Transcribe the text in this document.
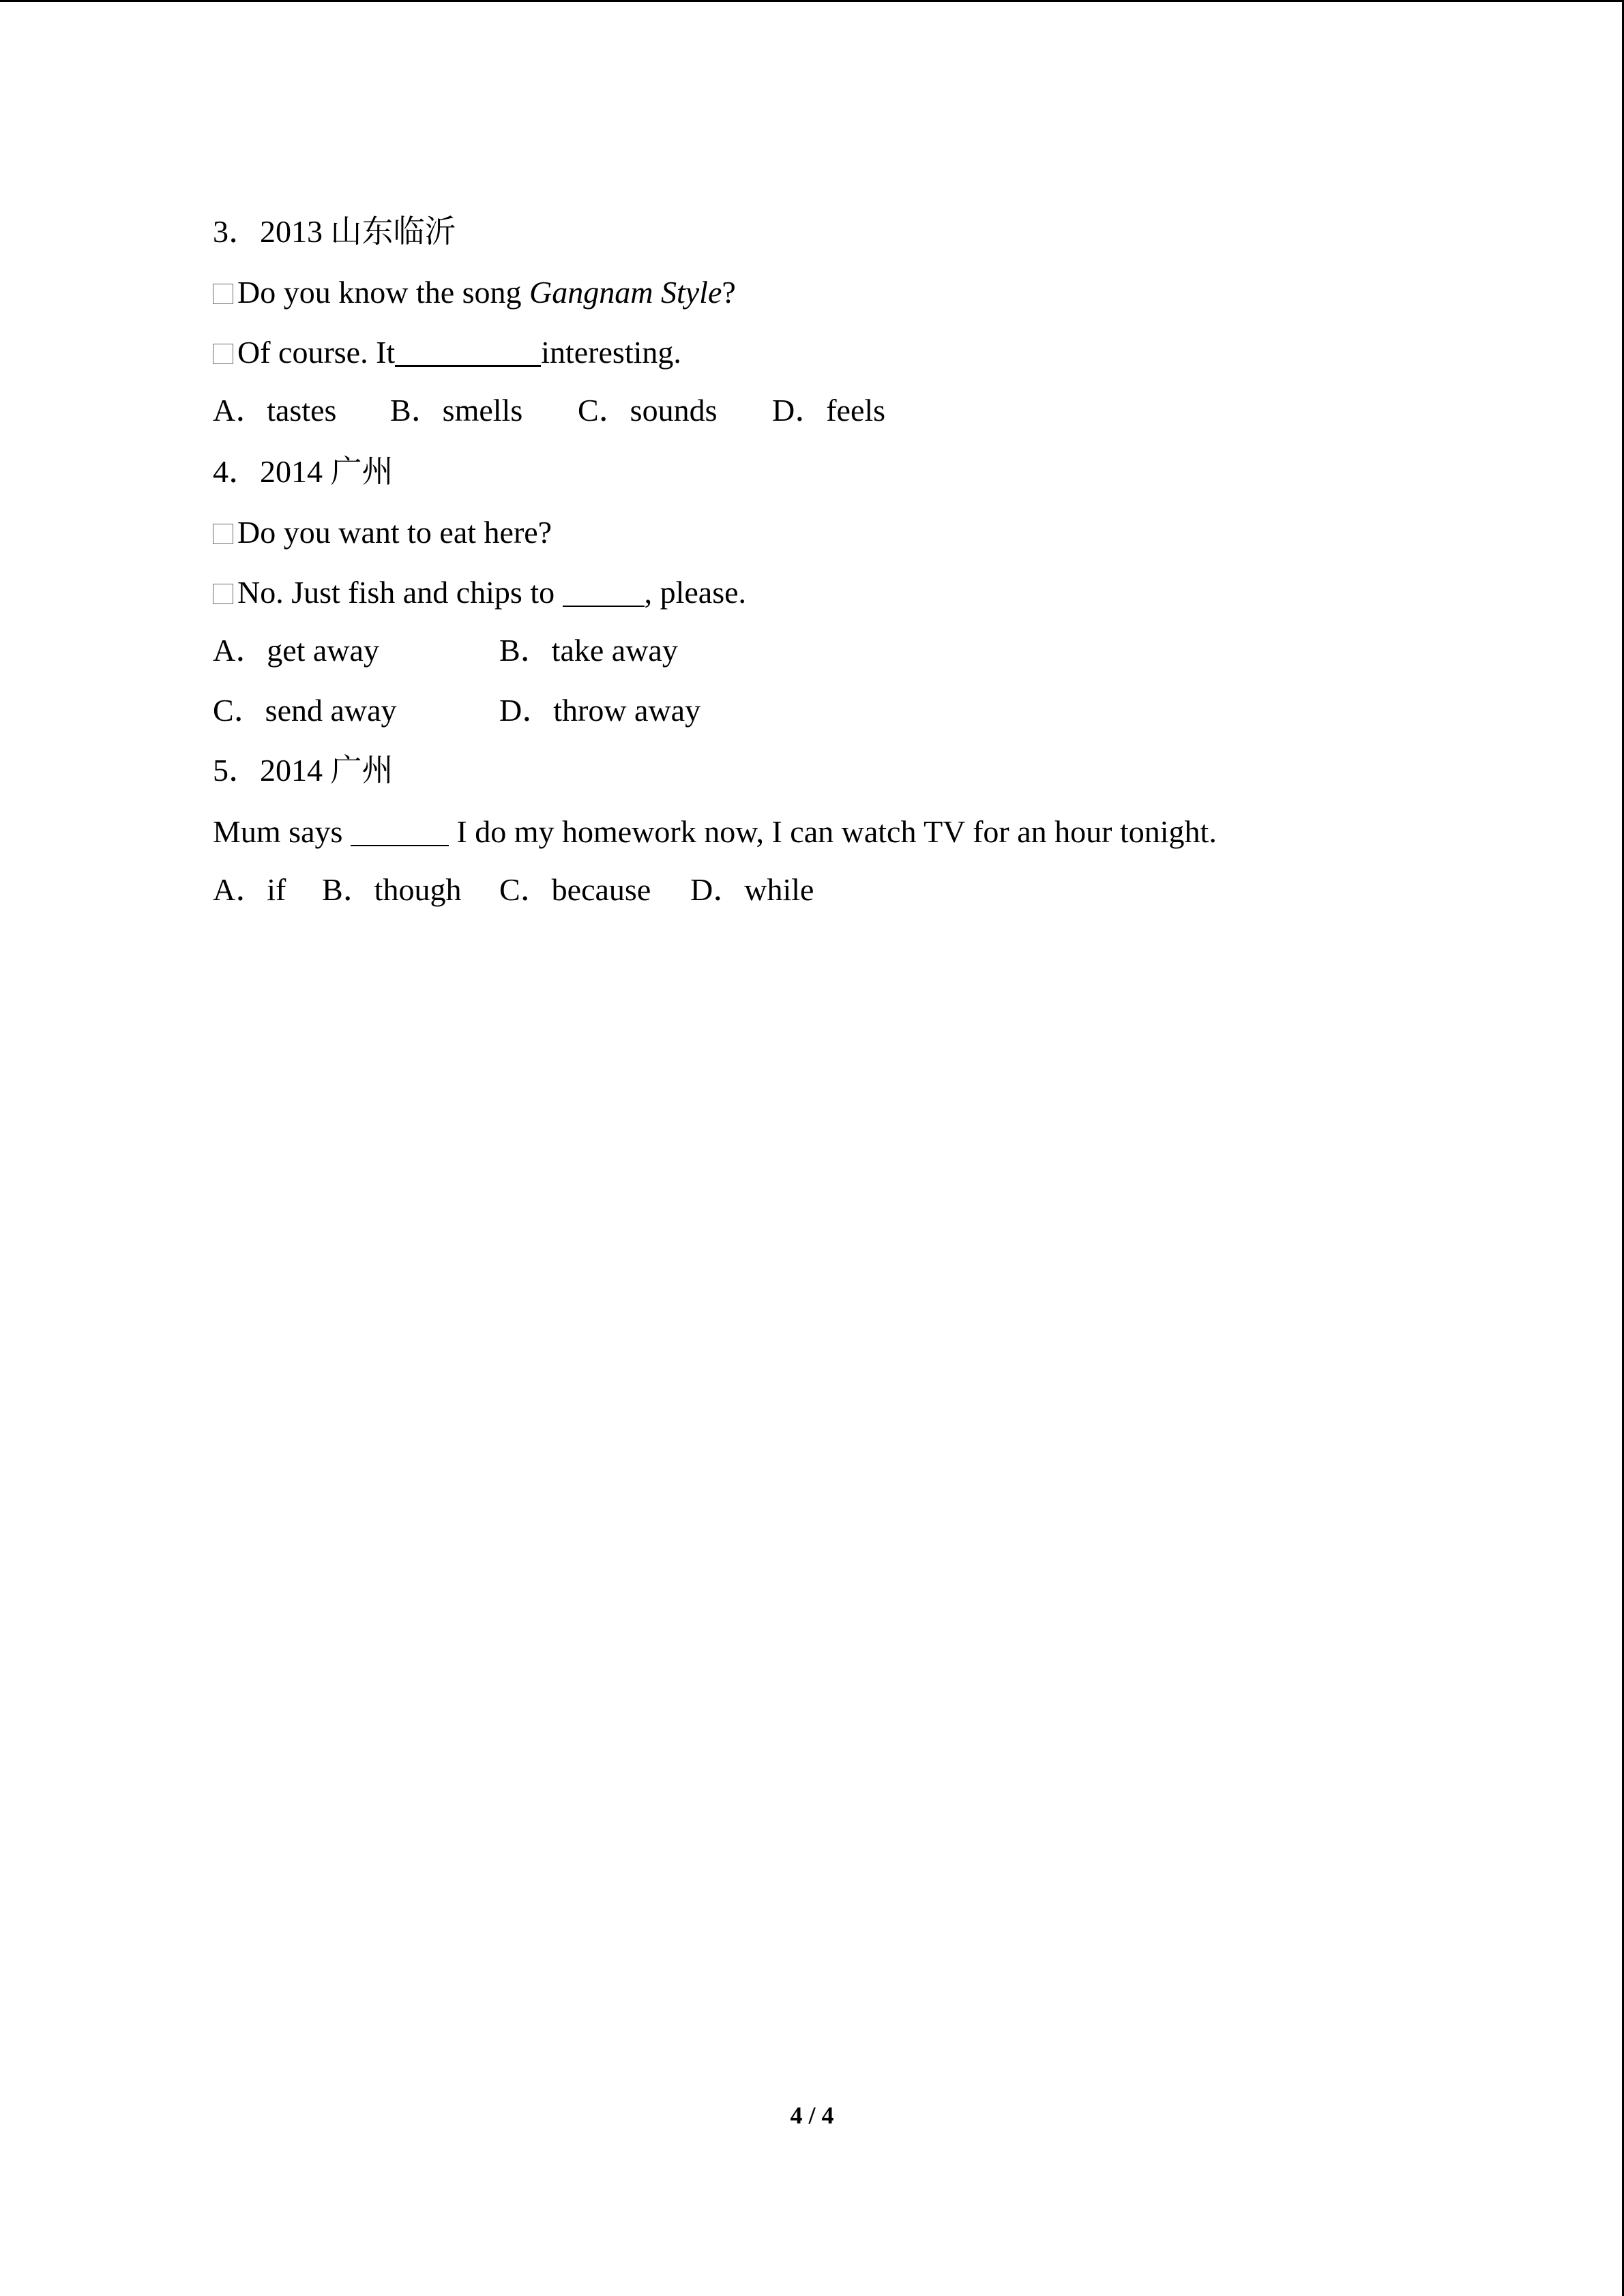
3．2013 山东临沂
Do you know the song Gangnam Style?
Of course. It	interesting.
A．tastes B．smells C．sounds D．feels
4．2014 广州
Do you want to eat here?
No. Just fish and chips to	, please.
A．get away	B．take away
C．send away	D．throw away
5．2014 广州
Mum says	I do my homework now, I can watch TV for an hour tonight.
A．if B．though C．because D．while
4 / 4
